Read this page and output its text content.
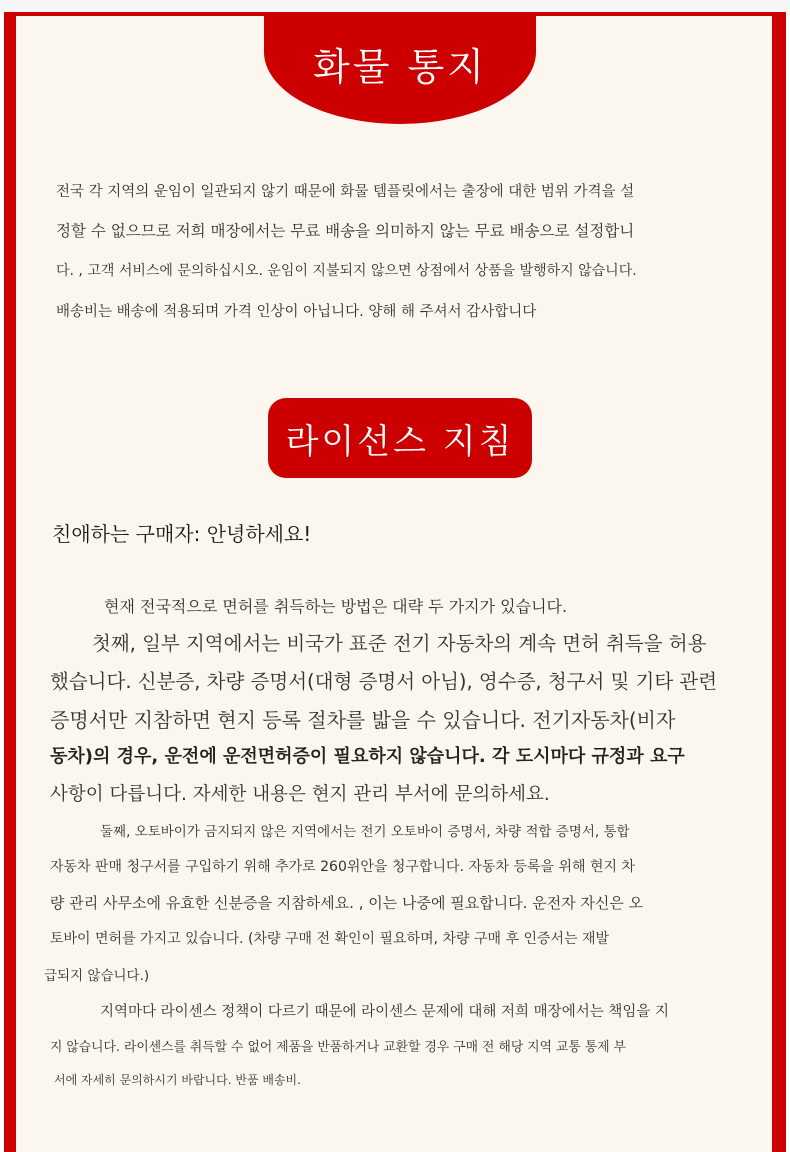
화물 통지

전국 각 지역의 운임이 일관되지 않기 때문에 화물 템플릿에서는 출장에 대한 범위 가격을 설

정할 수 없으므로 저희 매장에서는 무료 배송을 의미하지 않는 무료 배송으로 설정합니

다. , 고객 서비스에 문의하십시오. 운임이 지불되지 않으면 상점에서 상품을 발행하지 않습니다.

배송비는 배송에 적용되며 가격 인상이 아닙니다. 양해 해 주셔서 감사합니다

라이선스 지침

친애하는 구매자: 안녕하세요!

현재 전국적으로 면허를 취득하는 방법은 대략 두 가지가 있습니다.

첫째, 일부 지역에서는 비국가 표준 전기 자동차의 계속 면허 취득을 허용

했습니다. 신분증, 차량 증명서(대형 증명서 아님), 영수증, 청구서 및 기타 관련

증명서만 지참하면 현지 등록 절차를 밟을 수 있습니다. 전기자동차(비자

동차)의 경우, 운전에 운전면허증이 필요하지 않습니다. 각 도시마다 규정과 요구

사항이 다릅니다. 자세한 내용은 현지 관리 부서에 문의하세요.

둘째, 오토바이가 금지되지 않은 지역에서는 전기 오토바이 증명서, 차량 적합 증명서, 통합

자동차 판매 청구서를 구입하기 위해 추가로 260위안을 청구합니다. 자동차 등록을 위해 현지 차

량 관리 사무소에 유효한 신분증을 지참하세요. , 이는 나중에 필요합니다. 운전자 자신은 오

토바이 면허를 가지고 있습니다. (차량 구매 전 확인이 필요하며, 차량 구매 후 인증서는 재발

급되지 않습니다.)

지역마다 라이센스 정책이 다르기 때문에 라이센스 문제에 대해 저희 매장에서는 책임을 지

지 않습니다. 라이센스를 취득할 수 없어 제품을 반품하거나 교환할 경우 구매 전 해당 지역 교통 통제 부

서에 자세히 문의하시기 바랍니다. 반품 배송비.
